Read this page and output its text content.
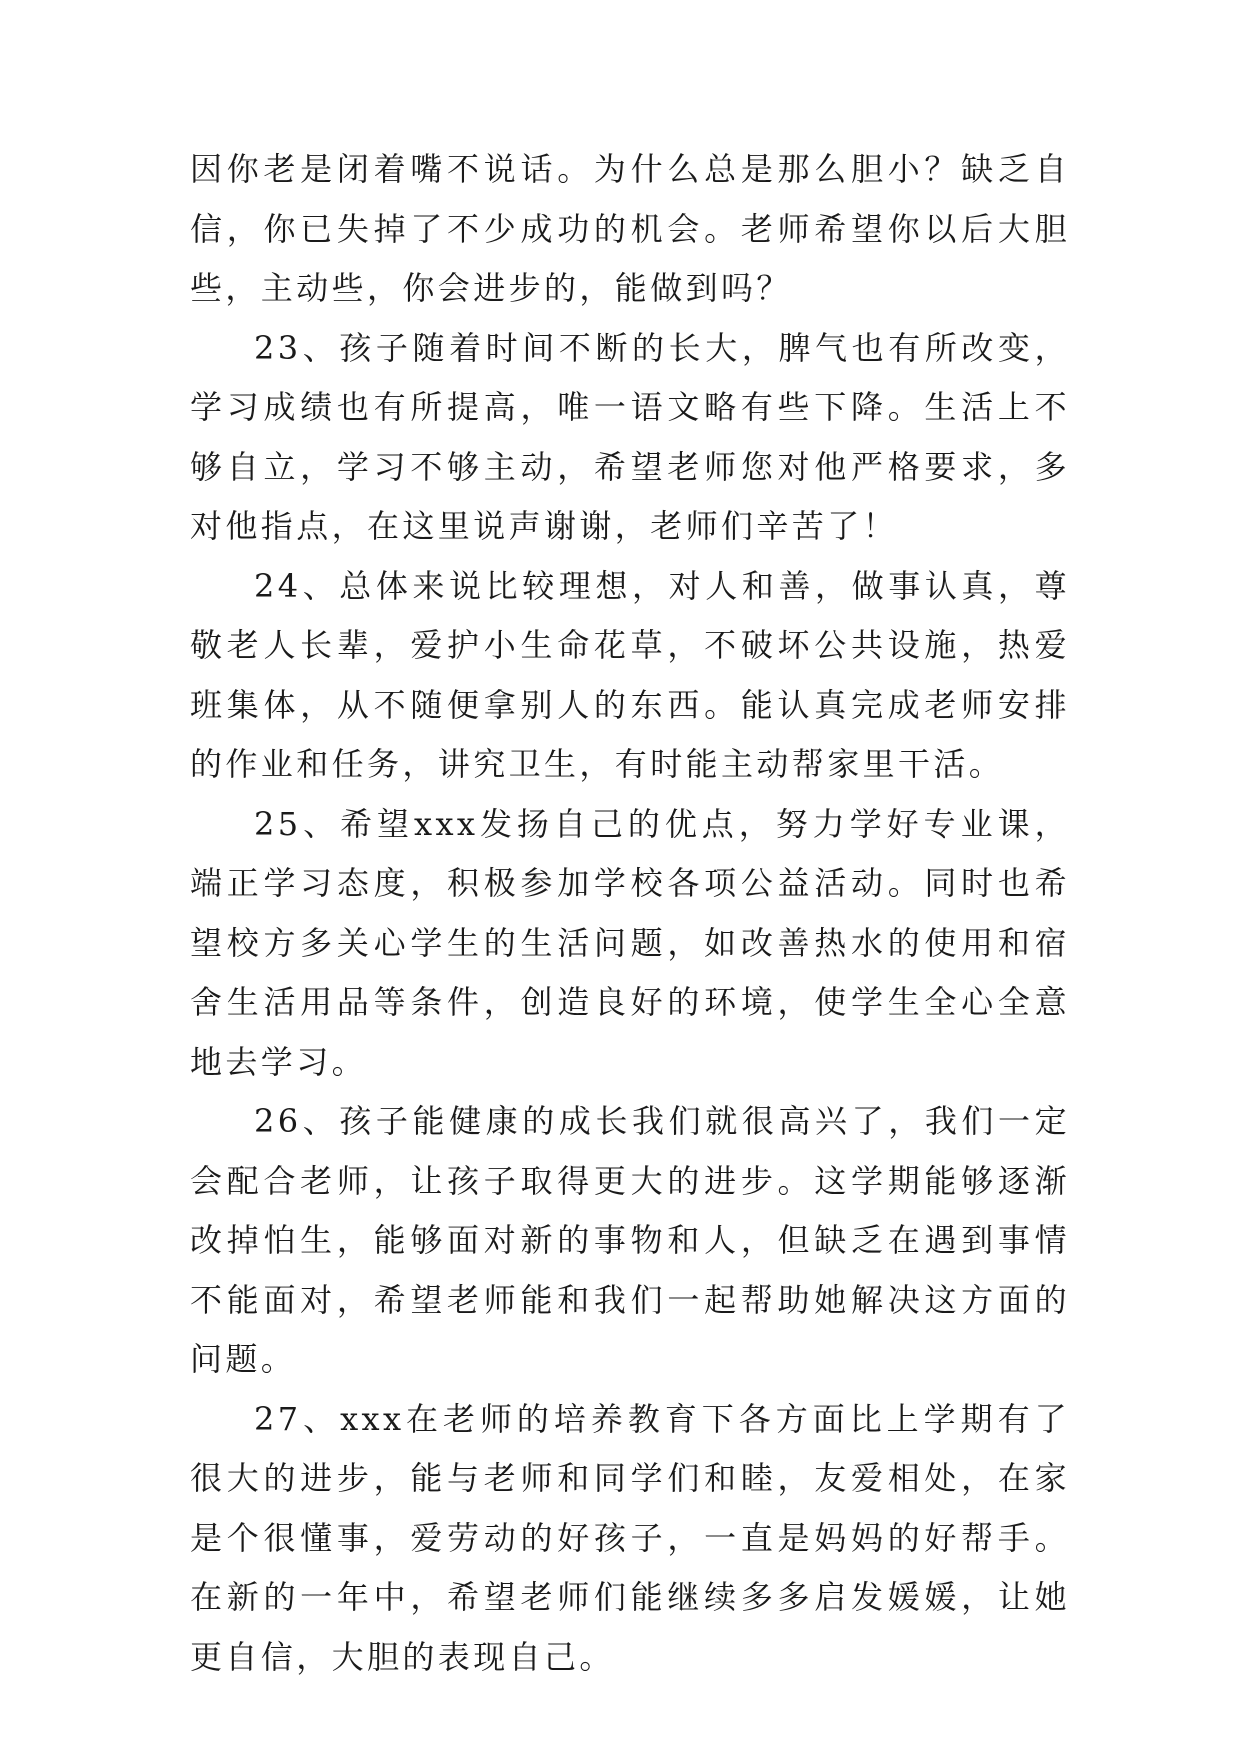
因你老是闭着嘴不说话。为什么总是那么胆小？缺乏自信，你已失掉了不少成功的机会。老师希望你以后大胆些，主动些，你会进步的，能做到吗？

23、孩子随着时间不断的长大，脾气也有所改变，学习成绩也有所提高，唯一语文略有些下降。生活上不够自立，学习不够主动，希望老师您对他严格要求，多对他指点，在这里说声谢谢，老师们辛苦了！

24、总体来说比较理想，对人和善，做事认真，尊敬老人长辈，爱护小生命花草，不破坏公共设施，热爱班集体，从不随便拿别人的东西。能认真完成老师安排的作业和任务，讲究卫生，有时能主动帮家里干活。

25、希望xxx发扬自己的优点，努力学好专业课，端正学习态度，积极参加学校各项公益活动。同时也希望校方多关心学生的生活问题，如改善热水的使用和宿舍生活用品等条件，创造良好的环境，使学生全心全意地去学习。

26、孩子能健康的成长我们就很高兴了，我们一定会配合老师，让孩子取得更大的进步。这学期能够逐渐改掉怕生，能够面对新的事物和人，但缺乏在遇到事情不能面对，希望老师能和我们一起帮助她解决这方面的问题。

27、xxx在老师的培养教育下各方面比上学期有了很大的进步，能与老师和同学们和睦，友爱相处，在家是个很懂事，爱劳动的好孩子，一直是妈妈的好帮手。在新的一年中，希望老师们能继续多多启发媛媛，让她更自信，大胆的表现自己。
